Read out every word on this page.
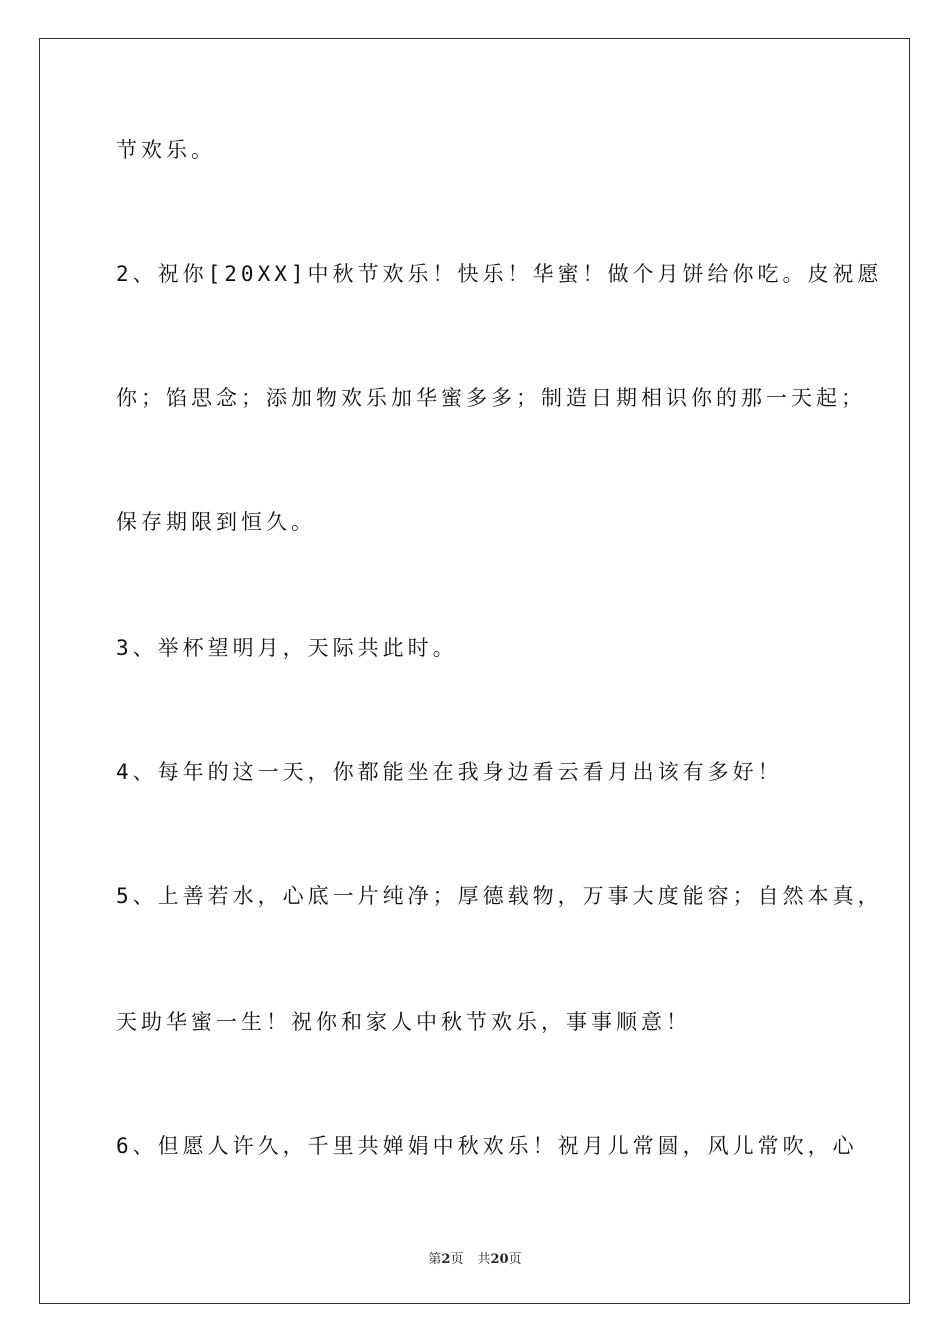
节欢乐。
2、祝你[20XX]中秋节欢乐！快乐！华蜜！做个月饼给你吃。皮祝愿
你；馅思念；添加物欢乐加华蜜多多；制造日期相识你的那一天起；
保存期限到恒久。
3、举杯望明月，天际共此时。
4、每年的这一天，你都能坐在我身边看云看月出该有多好！
5、上善若水，心底一片纯净；厚德载物，万事大度能容；自然本真，
天助华蜜一生！祝你和家人中秋节欢乐，事事顺意！
6、但愿人许久，千里共婵娟中秋欢乐！祝月儿常圆，风儿常吹，心
第2页 共20页
